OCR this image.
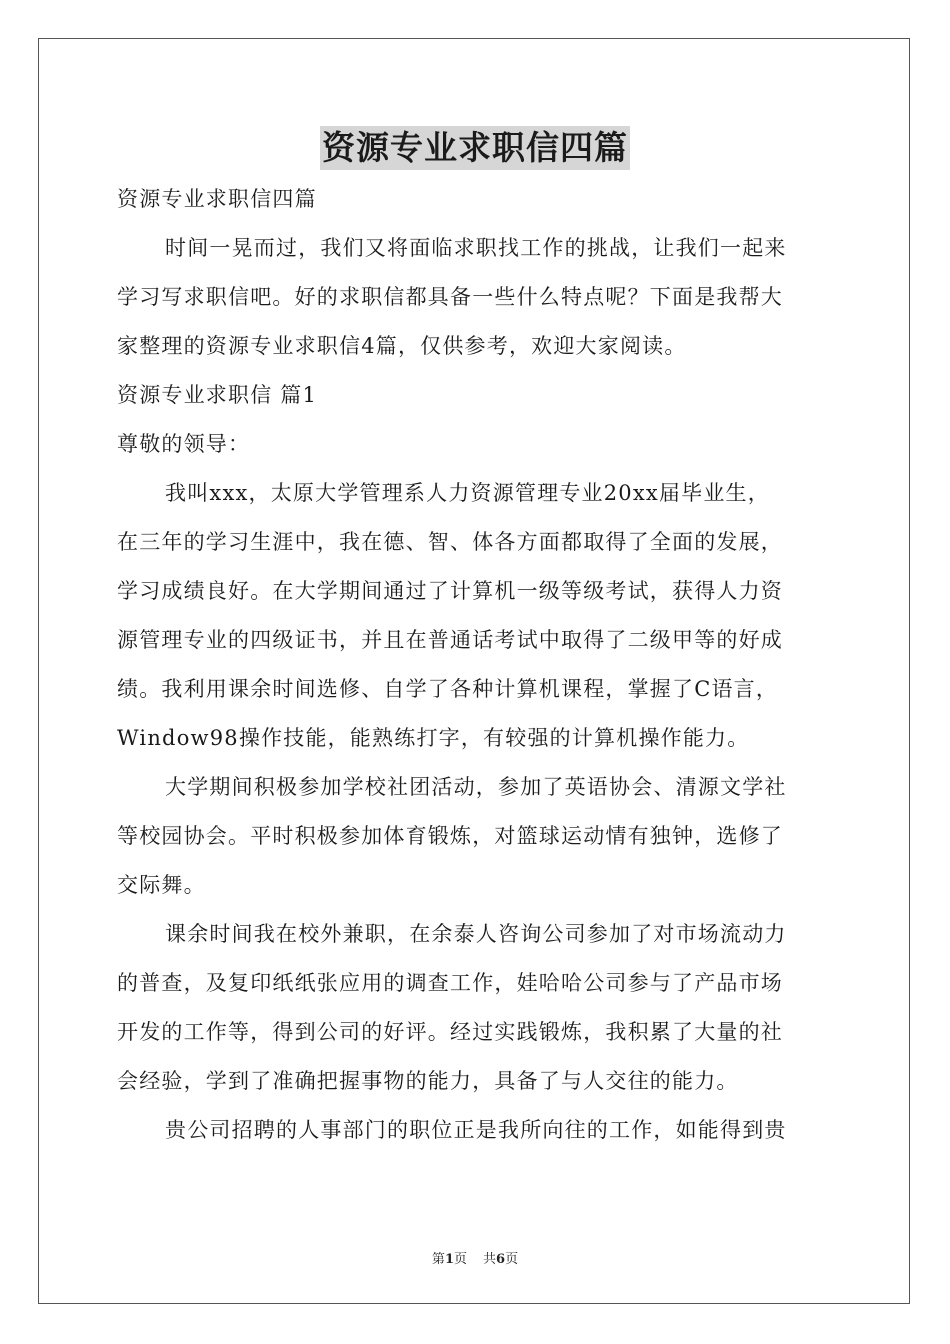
资源专业求职信四篇
资源专业求职信四篇
时间一晃而过，我们又将面临求职找工作的挑战，让我们一起来
学习写求职信吧。好的求职信都具备一些什么特点呢？下面是我帮大
家整理的资源专业求职信4篇，仅供参考，欢迎大家阅读。
资源专业求职信 篇1
尊敬的领导：
我叫xxx，太原大学管理系人力资源管理专业20xx届毕业生，
在三年的学习生涯中，我在德、智、体各方面都取得了全面的发展，
学习成绩良好。在大学期间通过了计算机一级等级考试，获得人力资
源管理专业的四级证书，并且在普通话考试中取得了二级甲等的好成
绩。我利用课余时间选修、自学了各种计算机课程，掌握了C语言，
Window98操作技能，能熟练打字，有较强的计算机操作能力。
大学期间积极参加学校社团活动，参加了英语协会、清源文学社
等校园协会。平时积极参加体育锻炼，对篮球运动情有独钟，选修了
交际舞。
课余时间我在校外兼职，在余泰人咨询公司参加了对市场流动力
的普查，及复印纸纸张应用的调查工作，娃哈哈公司参与了产品市场
开发的工作等，得到公司的好评。经过实践锻炼，我积累了大量的社
会经验，学到了准确把握事物的能力，具备了与人交往的能力。
贵公司招聘的人事部门的职位正是我所向往的工作，如能得到贵
第1页 共6页
